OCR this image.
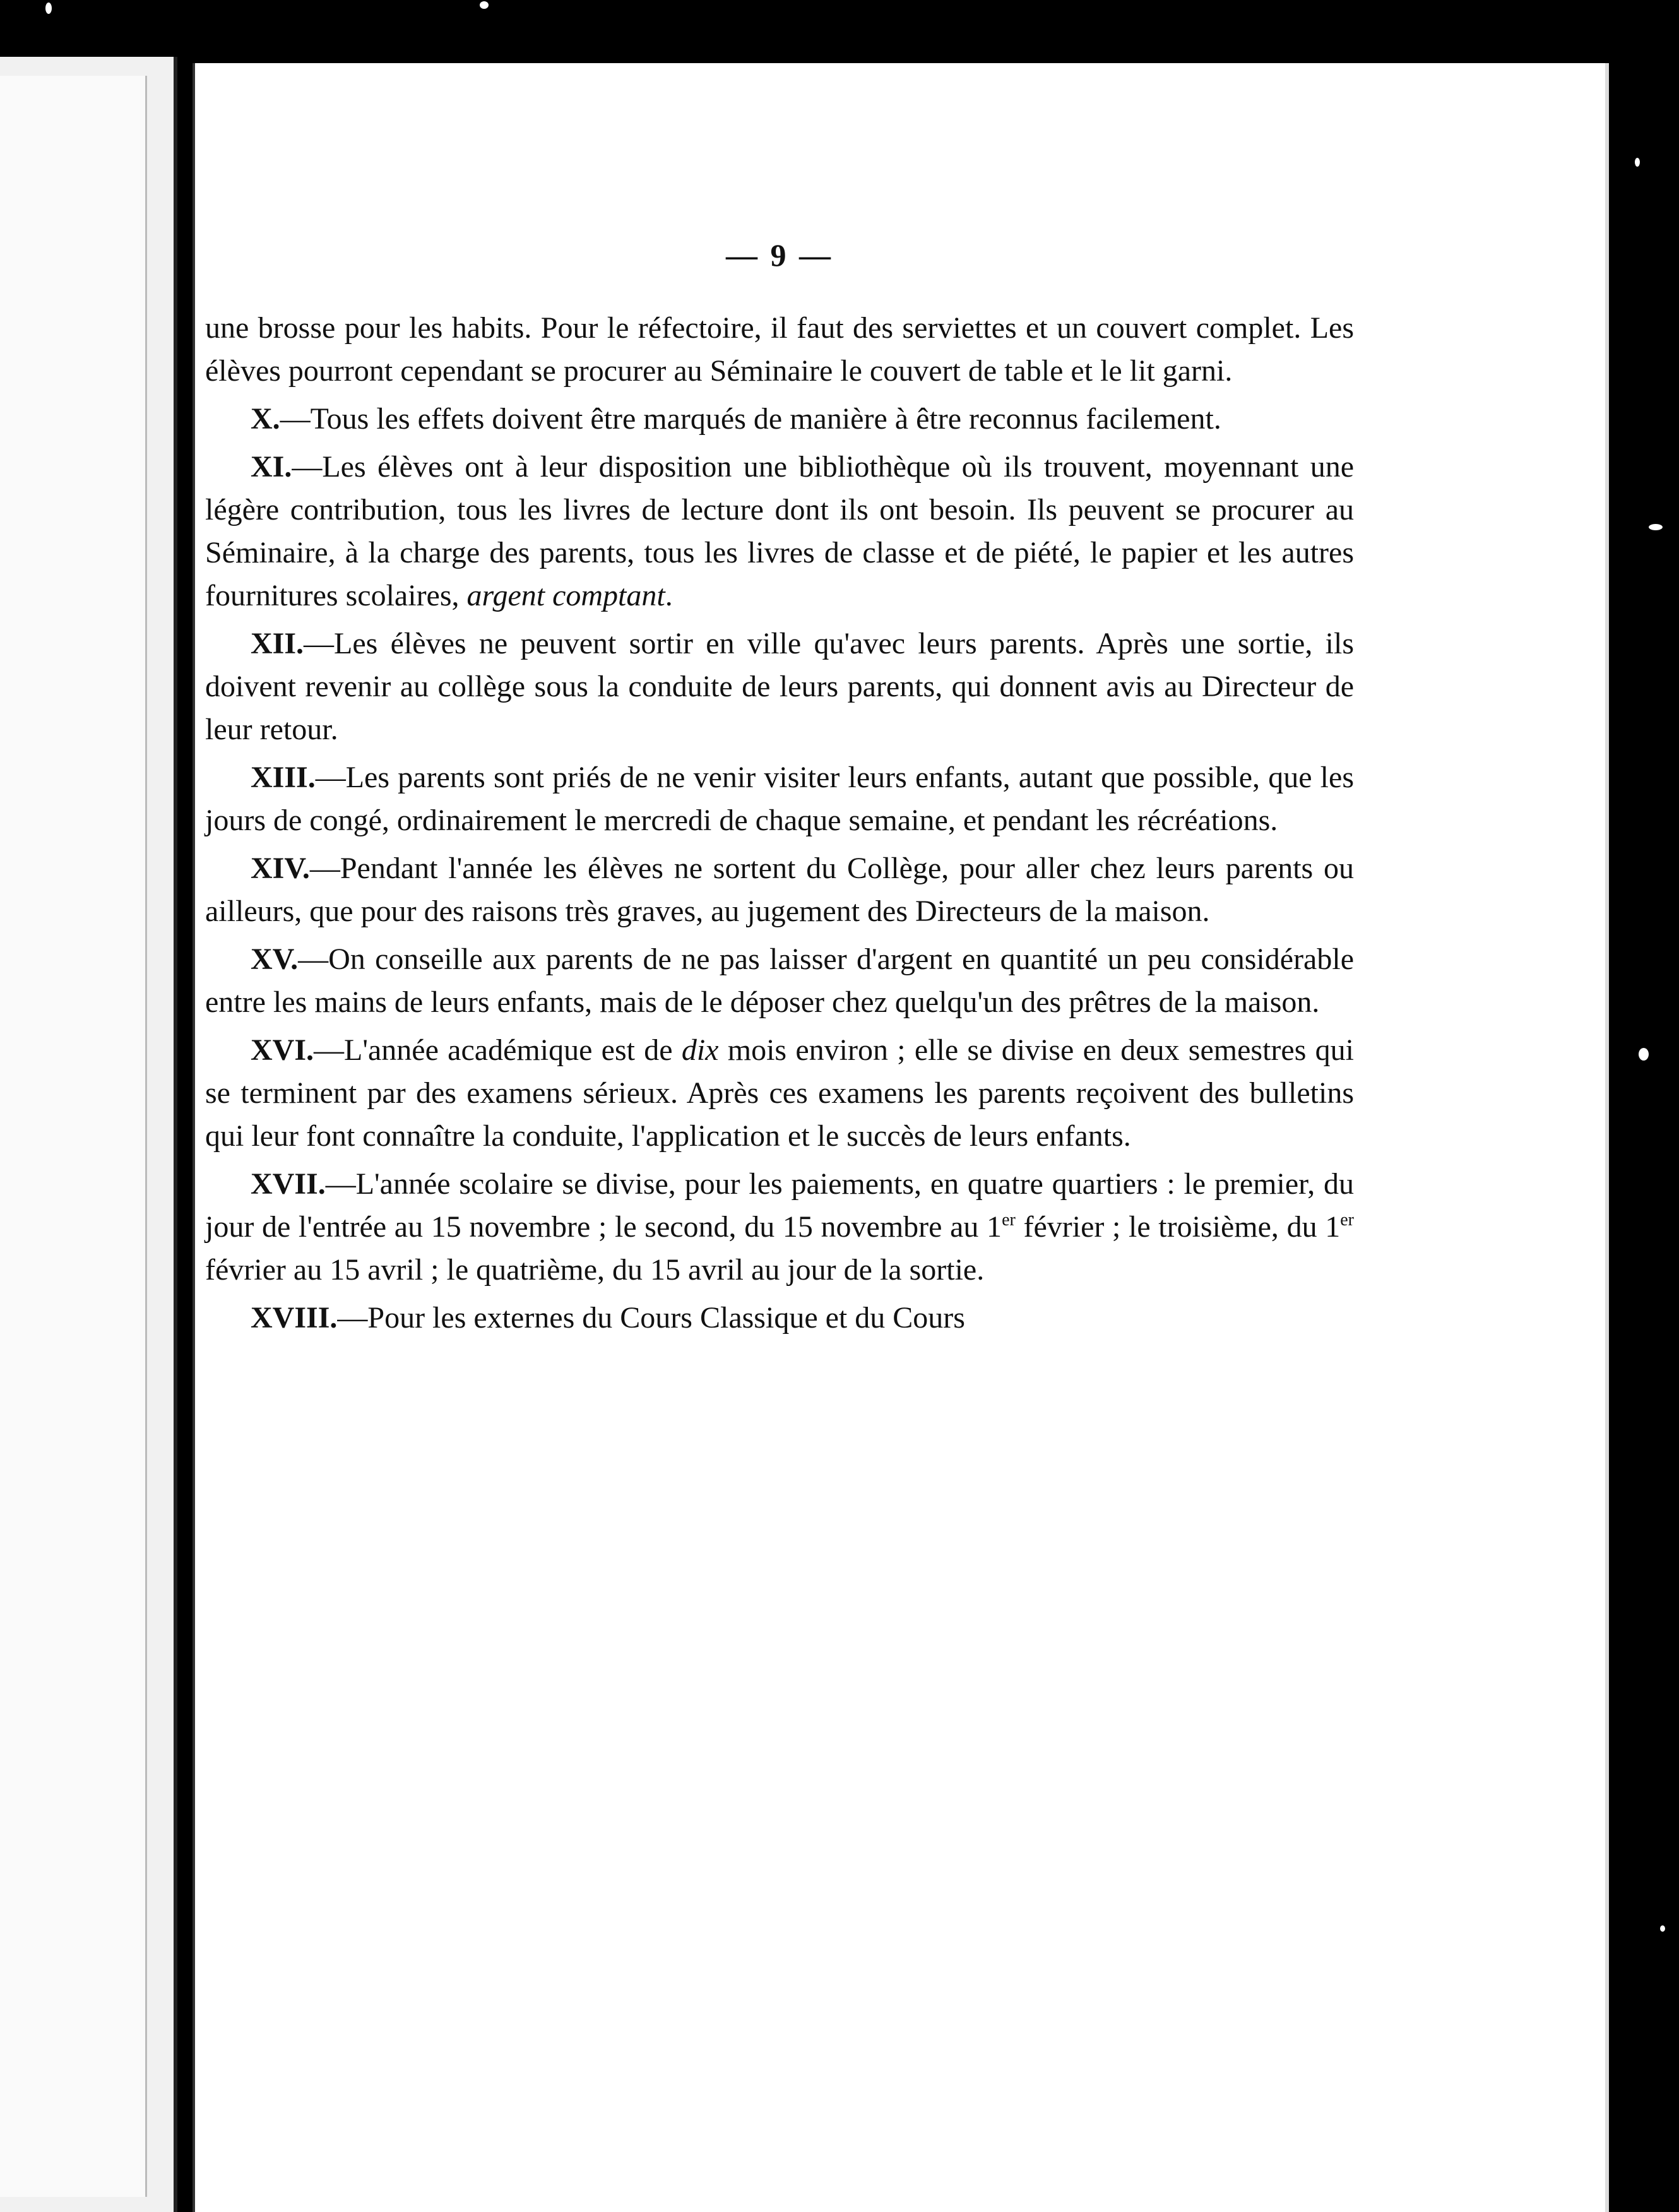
— 9 —

une brosse pour les habits. Pour le réfectoire, il faut des serviettes et un couvert complet. Les élèves pourront cependant se procurer au Séminaire le couvert de table et le lit garni.

X.—Tous les effets doivent être marqués de manière à être reconnus facilement.

XI.—Les élèves ont à leur disposition une bibliothèque où ils trouvent, moyennant une légère contribution, tous les livres de lecture dont ils ont besoin. Ils peuvent se procurer au Séminaire, à la charge des parents, tous les livres de classe et de piété, le papier et les autres fournitures scolaires, argent comptant.

XII.—Les élèves ne peuvent sortir en ville qu'avec leurs parents. Après une sortie, ils doivent revenir au collège sous la conduite de leurs parents, qui donnent avis au Directeur de leur retour.

XIII.—Les parents sont priés de ne venir visiter leurs enfants, autant que possible, que les jours de congé, ordinairement le mercredi de chaque semaine, et pendant les récréations.

XIV.—Pendant l'année les élèves ne sortent du Collège, pour aller chez leurs parents ou ailleurs, que pour des raisons très graves, au jugement des Directeurs de la maison.

XV.—On conseille aux parents de ne pas laisser d'argent en quantité un peu considérable entre les mains de leurs enfants, mais de le déposer chez quelqu'un des prêtres de la maison.

XVI.—L'année académique est de dix mois environ ; elle se divise en deux semestres qui se terminent par des examens sérieux. Après ces examens les parents reçoivent des bulletins qui leur font connaître la conduite, l'application et le succès de leurs enfants.

XVII.—L'année scolaire se divise, pour les paiements, en quatre quartiers : le premier, du jour de l'entrée au 15 novembre ; le second, du 15 novembre au 1er février ; le troisième, du 1er février au 15 avril ; le quatrième, du 15 avril au jour de la sortie.

XVIII.—Pour les externes du Cours Classique et du Cours
